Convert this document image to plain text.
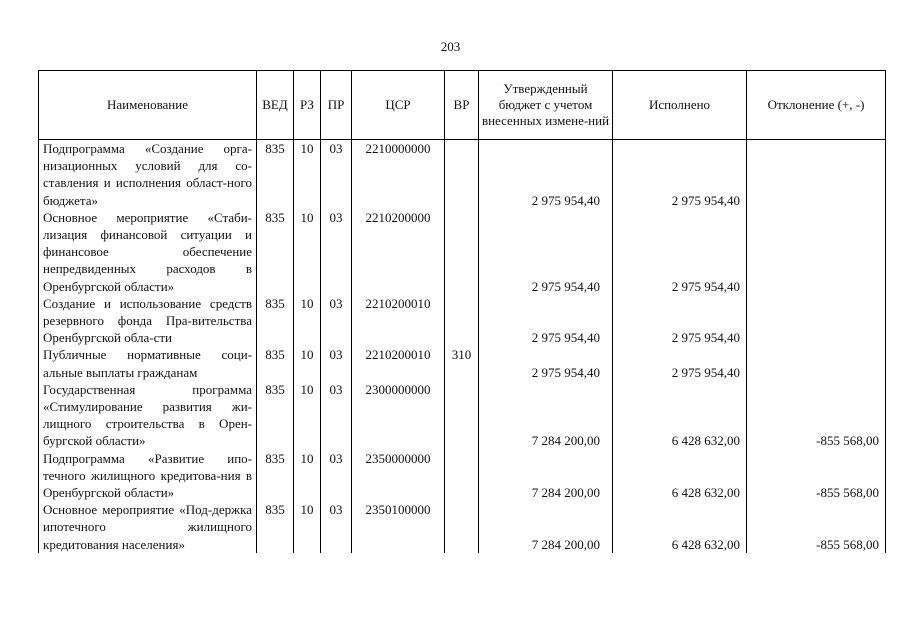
203
Наименование	ВЕД	РЗ	ПР	ЦСР	ВР	Утвержденный бюджет с учетом внесенных измене-ний	Исполнено	Отклонение (+, -)
Подпрограмма «Создание орга-низационных условий для со-ставления и исполнения област-ного бюджета»	835	10	03	2210000000		2 975 954,40	2 975 954,40	
Основное мероприятие «Стаби-лизация финансовой ситуации и финансовое обеспечение непредвиденных расходов в Оренбургской области»	835	10	03	2210200000		2 975 954,40	2 975 954,40	
Создание и использование средств резервного фонда Пра-вительства Оренбургской обла-сти	835	10	03	2210200010		2 975 954,40	2 975 954,40	
Публичные нормативные соци-альные выплаты гражданам	835	10	03	2210200010	310	2 975 954,40	2 975 954,40	
Государственная программа «Стимулирование развития жи-лищного строительства в Орен-бургской области»	835	10	03	2300000000		7 284 200,00	6 428 632,00	-855 568,00
Подпрограмма «Развитие ипо-течного жилищного кредитова-ния в Оренбургской области»	835	10	03	2350000000		7 284 200,00	6 428 632,00	-855 568,00
Основное мероприятие «Под-держка ипотечного жилищного кредитования населения»	835	10	03	2350100000		7 284 200,00	6 428 632,00	-855 568,00
